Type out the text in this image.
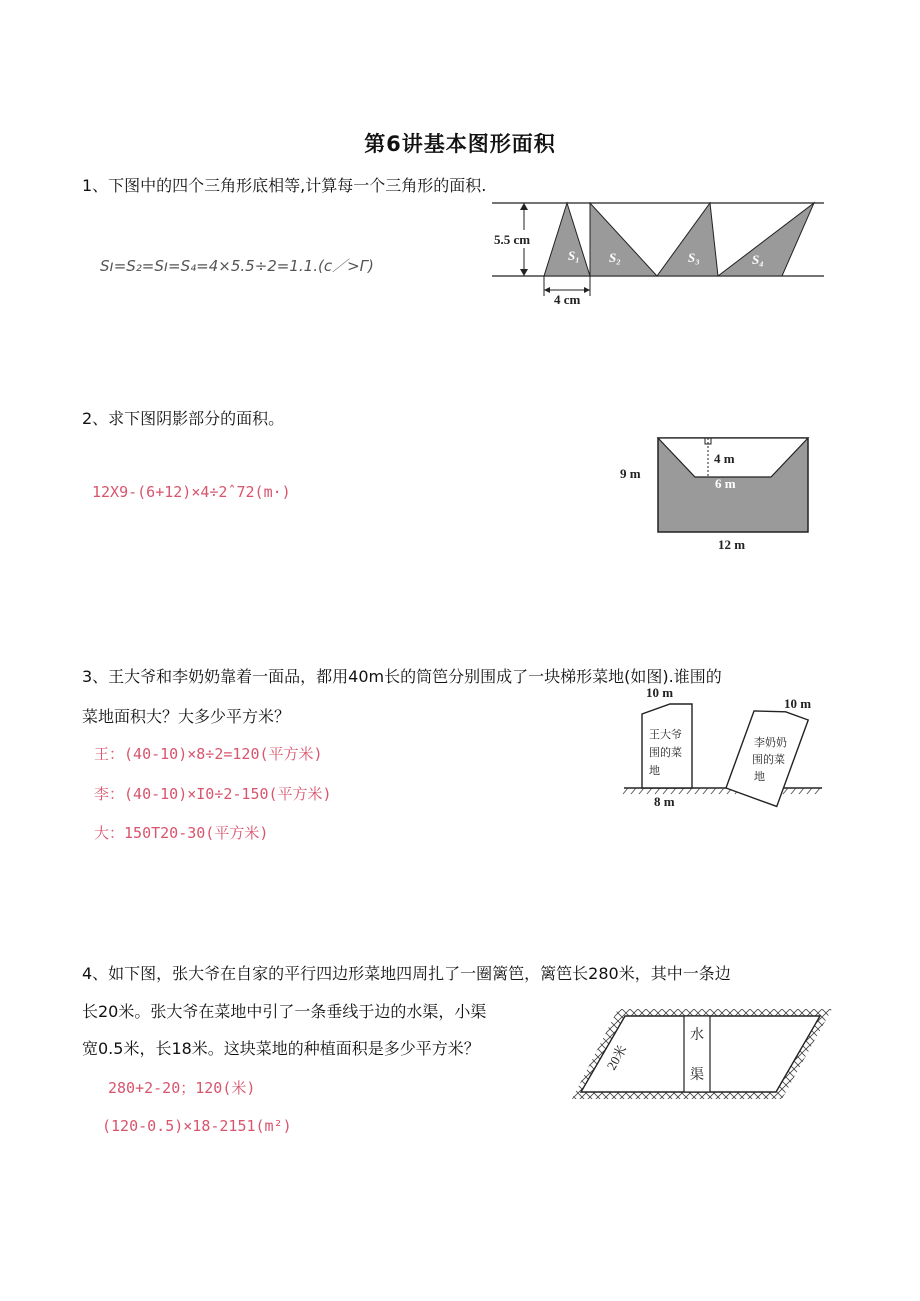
第6讲基本图形面积
1、下图中的四个三角形底相等,计算每一个三角形的面积.
Sı=S₂=Sı=S₄=4×5.5÷2=1.1.(c／>Γ)
5.5 cm
S₁ S₂	S₃	S₄
4 cm
2、求下图阴影部分的面积。
12X9-(6+12)×4÷2ˆ72(m·)
4 m
6 m
9 m
12 m
3、王大爷和李奶奶靠着一面品，都用40m长的筒笆分别围成了一块梯形菜地(如图).谁围的
菜地面积大？大多少平方米？
王：(40-10)×8÷2=120(平方米)
李：(40-10)×I0÷2-150(平方米)
大：150T20-30(平方米)
10 m
王大爷
围的菜
地
8 m
10 m
李奶奶
围的菜
地
4、如下图，张大爷在自家的平行四边形菜地四周扎了一圈篱笆，篱笆长280米，其中一条边
长20米。张大爷在菜地中引了一条垂线于边的水渠，小渠
宽0.5米，长18米。这块菜地的种植面积是多少平方米？
280+2-20；120(米)
(120-0.5)×18-2151(m²)
水
渠
20米
